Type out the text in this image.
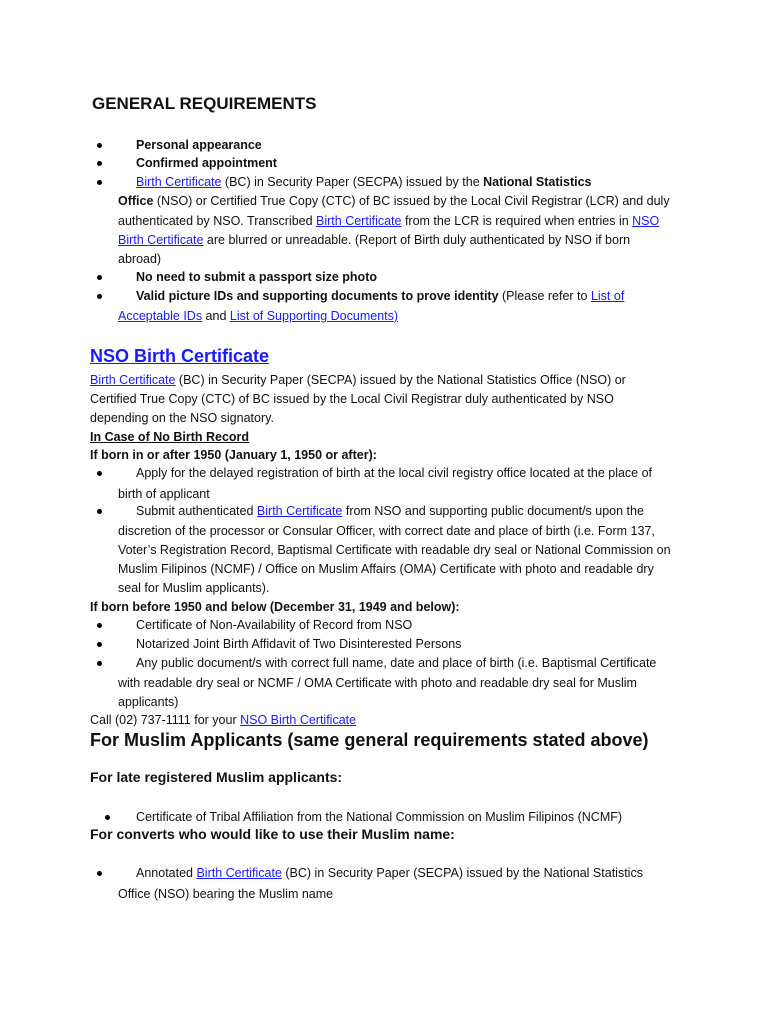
GENERAL REQUIREMENTS
Personal appearance
Confirmed appointment
Birth Certificate (BC) in Security Paper (SECPA) issued by the National Statistics
Office (NSO) or Certified True Copy (CTC) of BC issued by the Local Civil Registrar (LCR) and duly
authenticated by NSO. Transcribed Birth Certificate from the LCR is required when entries in NSO
Birth Certificate are blurred or unreadable. (Report of Birth duly authenticated by NSO if born
abroad)
No need to submit a passport size photo
Valid picture IDs and supporting documents to prove identity (Please refer to List of
Acceptable IDs and List of Supporting Documents)
NSO Birth Certificate
Birth Certificate (BC) in Security Paper (SECPA) issued by the National Statistics Office (NSO) or
Certified True Copy (CTC) of BC issued by the Local Civil Registrar duly authenticated by NSO
depending on the NSO signatory.
In Case of No Birth Record
If born in or after 1950 (January 1, 1950 or after):
Apply for the delayed registration of birth at the local civil registry office located at the place of
birth of applicant
Submit authenticated Birth Certificate from NSO and supporting public document/s upon the
discretion of the processor or Consular Officer, with correct date and place of birth (i.e. Form 137,
Voter’s Registration Record, Baptismal Certificate with readable dry seal or National Commission on
Muslim Filipinos (NCMF) / Office on Muslim Affairs (OMA) Certificate with photo and readable dry
seal for Muslim applicants).
If born before 1950 and below (December 31, 1949 and below):
Certificate of Non-Availability of Record from NSO
Notarized Joint Birth Affidavit of Two Disinterested Persons
Any public document/s with correct full name, date and place of birth (i.e. Baptismal Certificate
with readable dry seal or NCMF / OMA Certificate with photo and readable dry seal for Muslim
applicants)
Call (02) 737-1111 for your NSO Birth Certificate
For Muslim Applicants (same general requirements stated above)
For late registered Muslim applicants:
Certificate of Tribal Affiliation from the National Commission on Muslim Filipinos (NCMF)
For converts who would like to use their Muslim name:
Annotated Birth Certificate (BC) in Security Paper (SECPA) issued by the National Statistics
Office (NSO) bearing the Muslim name
